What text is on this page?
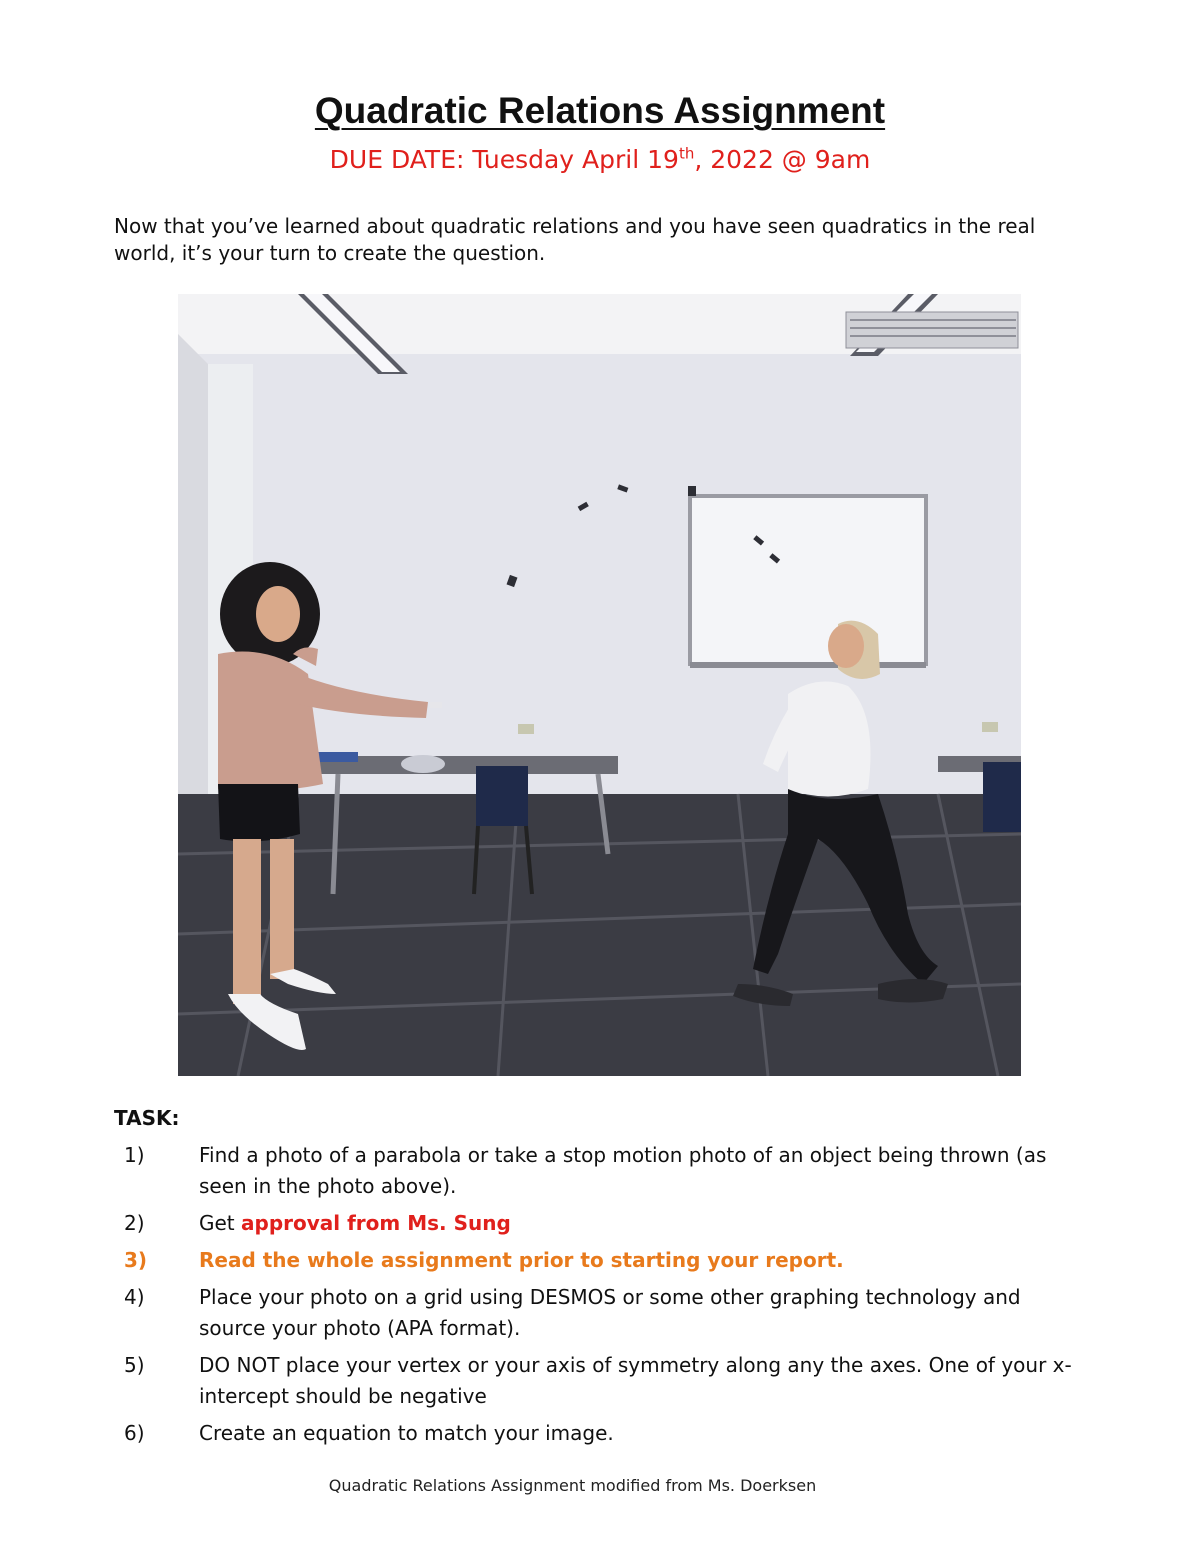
Quadratic Relations Assignment
DUE DATE: Tuesday April 19th, 2022 @ 9am
Now that you’ve learned about quadratic relations and you have seen quadratics in the real world, it’s your turn to create the question.
TASK:
1)	Find a photo of a parabola or take a stop motion photo of an object being thrown (as seen in the photo above).
2)	Get approval from Ms. Sung
3)	Read the whole assignment prior to starting your report.
4)	Place your photo on a grid using DESMOS or some other graphing technology and source your photo (APA format).
5)	DO NOT place your vertex or your axis of symmetry along any the axes. One of your x-intercept should be negative
6)	Create an equation to match your image.
Quadratic Relations Assignment modified from Ms. Doerksen
